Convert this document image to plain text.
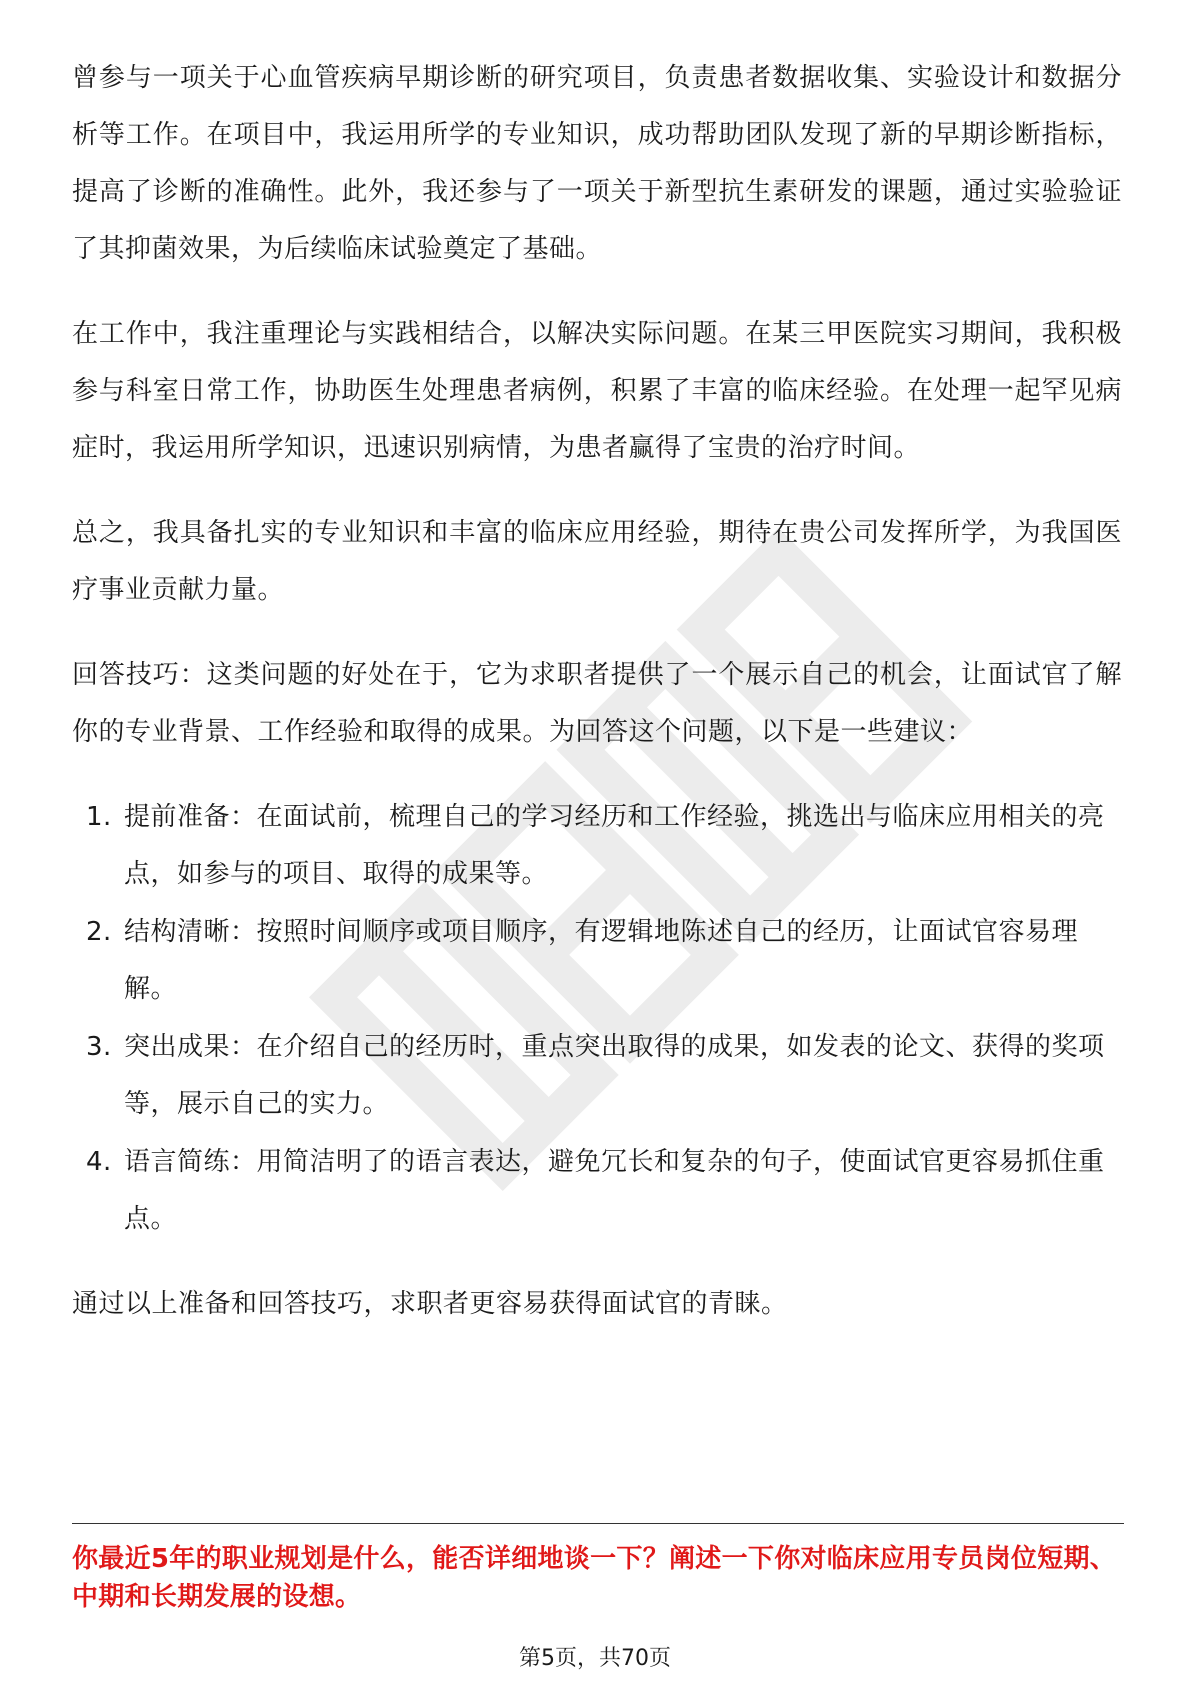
曾参与一项关于心血管疾病早期诊断的研究项目，负责患者数据收集、实验设计和数据分析等工作。在项目中，我运用所学的专业知识，成功帮助团队发现了新的早期诊断指标，提高了诊断的准确性。此外，我还参与了一项关于新型抗生素研发的课题，通过实验验证了其抑菌效果，为后续临床试验奠定了基础。

在工作中，我注重理论与实践相结合，以解决实际问题。在某三甲医院实习期间，我积极参与科室日常工作，协助医生处理患者病例，积累了丰富的临床经验。在处理一起罕见病症时，我运用所学知识，迅速识别病情，为患者赢得了宝贵的治疗时间。

总之，我具备扎实的专业知识和丰富的临床应用经验，期待在贵公司发挥所学，为我国医疗事业贡献力量。

回答技巧：这类问题的好处在于，它为求职者提供了一个展示自己的机会，让面试官了解你的专业背景、工作经验和取得的成果。为回答这个问题，以下是一些建议：

1. 提前准备：在面试前，梳理自己的学习经历和工作经验，挑选出与临床应用相关的亮点，如参与的项目、取得的成果等。
2. 结构清晰：按照时间顺序或项目顺序，有逻辑地陈述自己的经历，让面试官容易理解。
3. 突出成果：在介绍自己的经历时，重点突出取得的成果，如发表的论文、获得的奖项等，展示自己的实力。
4. 语言简练：用简洁明了的语言表达，避免冗长和复杂的句子，使面试官更容易抓住重点。

通过以上准备和回答技巧，求职者更容易获得面试官的青睐。

你最近5年的职业规划是什么，能否详细地谈一下？阐述一下你对临床应用专员岗位短期、中期和长期发展的设想。
第5页，共70页
